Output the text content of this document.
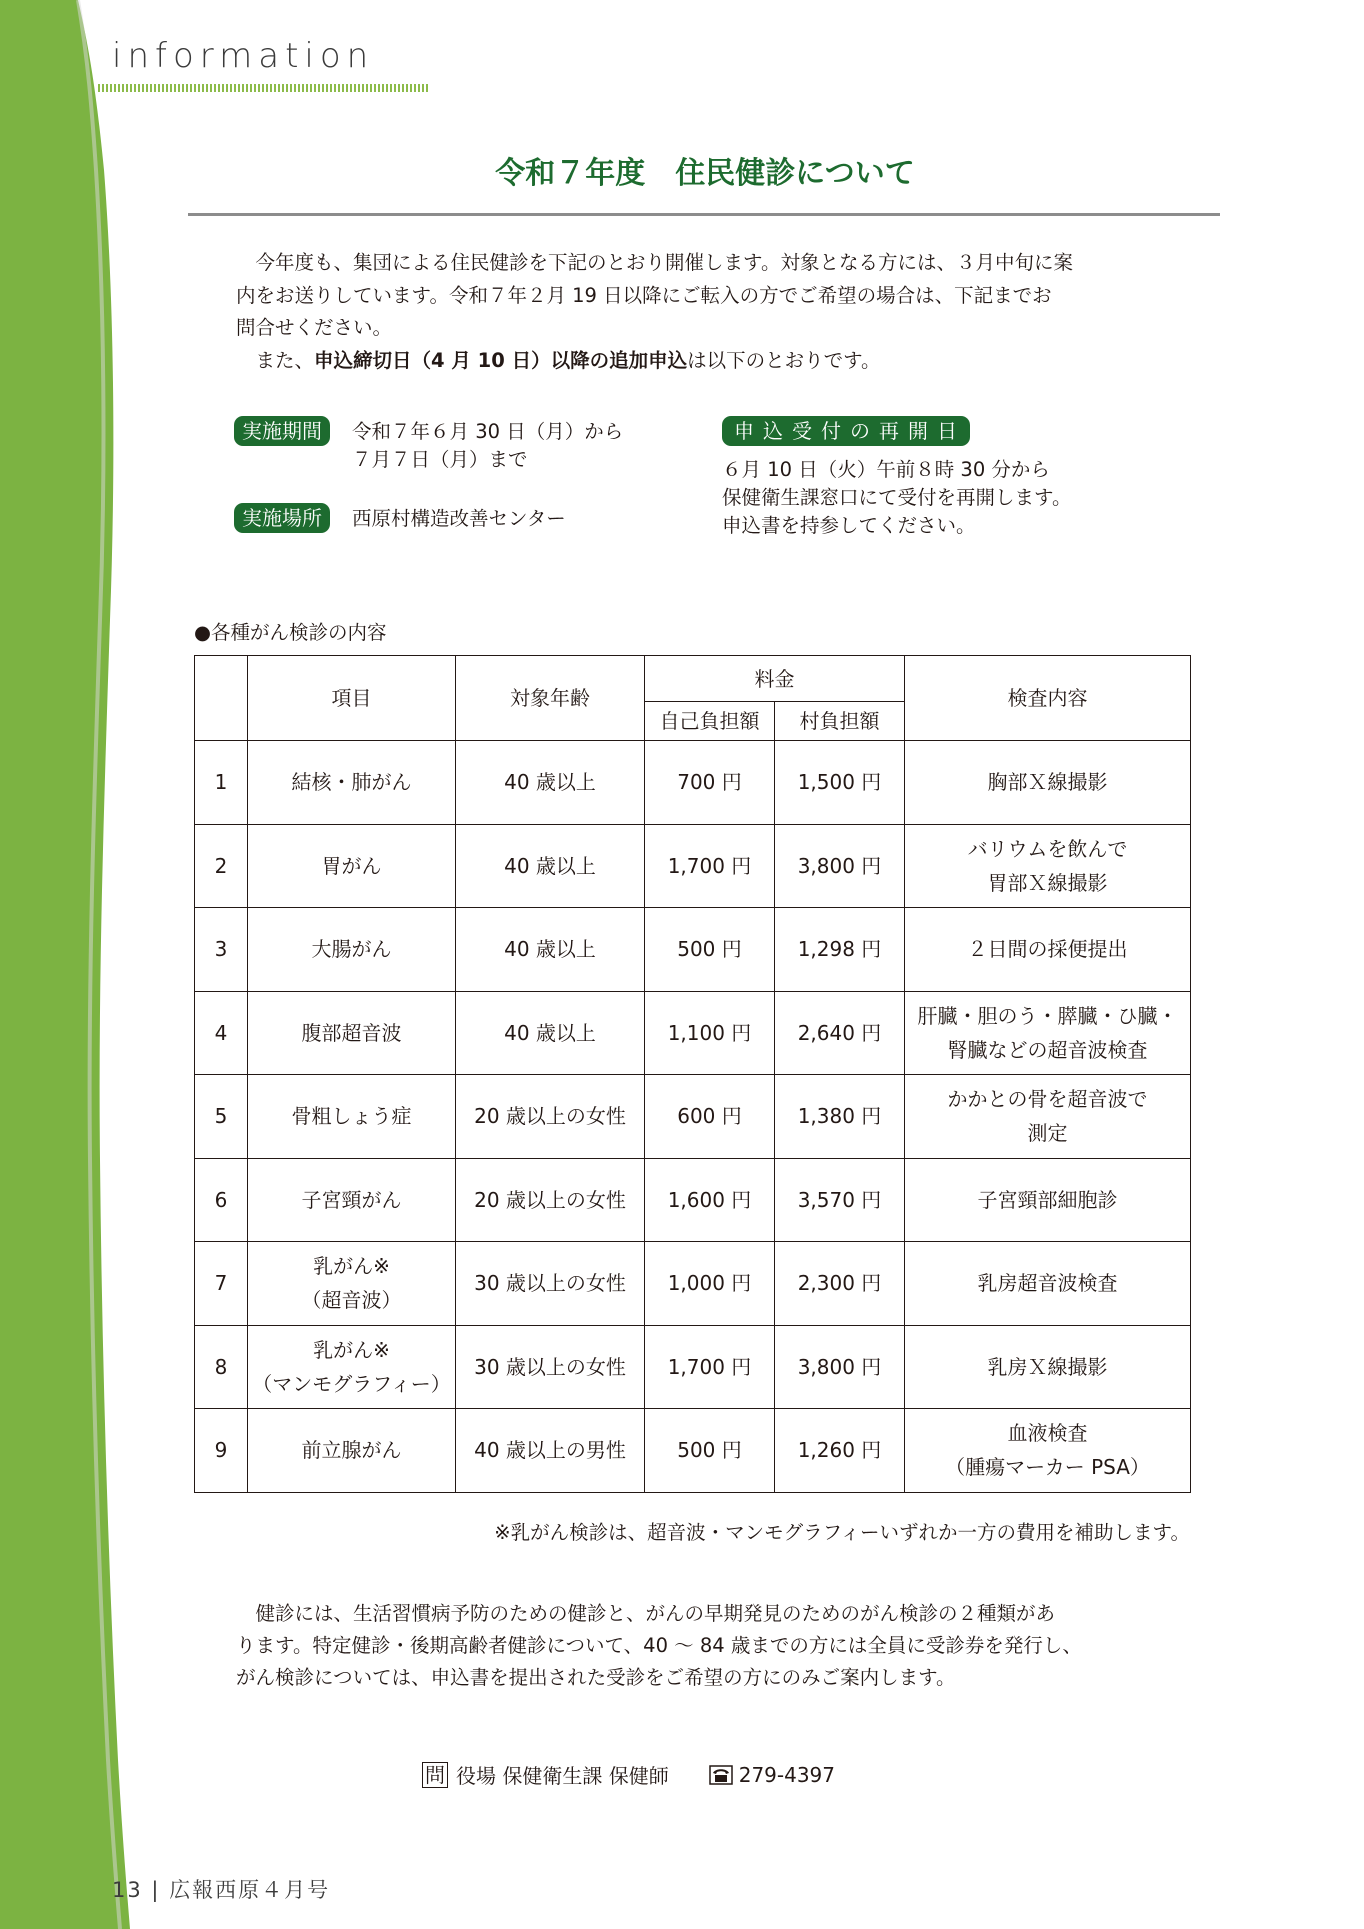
information
令和７年度　住民健診について

今年度も、集団による住民健診を下記のとおり開催します。対象となる方には、３月中旬に案

内をお送りしています。令和７年２月 19 日以降にご転入の方でご希望の場合は、下記までお

問合せください。

また、申込締切日（4 月 10 日）以降の追加申込は以下のとおりです。

実施期間 令和７年６月 30 日（月）から
７月７日（月）まで
実施場所 西原村構造改善センター
申込受付の再開日
６月 10 日（火）午前８時 30 分から
保健衛生課窓口にて受付を再開します。
申込書を持参してください。
●各種がん検診の内容
	項目	対象年齢	料金		検査内容
			自己負担額	村負担額	

1	結核・肺がん	40 歳以上	700 円	1,500 円	胸部Ｘ線撮影

2	胃がん	40 歳以上	1,700 円	3,800 円	バリウムを飲んで
胃部Ｘ線撮影

3	大腸がん	40 歳以上	500 円	1,298 円	２日間の採便提出

4	腹部超音波	40 歳以上	1,100 円	2,640 円	肝臓・胆のう・膵臓・ひ臓・
腎臓などの超音波検査

5	骨粗しょう症	20 歳以上の女性	600 円	1,380 円	かかとの骨を超音波で
測定

6	子宮頸がん	20 歳以上の女性	1,600 円	3,570 円	子宮頸部細胞診

7	乳がん※
（超音波）	30 歳以上の女性	1,000 円	2,300 円	乳房超音波検査

8	乳がん※
（マンモグラフィー）	30 歳以上の女性	1,700 円	3,800 円	乳房Ｘ線撮影

9	前立腺がん	40 歳以上の男性	500 円	1,260 円	血液検査
（腫瘍マーカー PSA）
※乳がん検診は、超音波・マンモグラフィーいずれか一方の費用を補助します。

健診には、生活習慣病予防のための健診と、がんの早期発見のためのがん検診の２種類があ

ります。特定健診・後期高齢者健診について、40 ～ 84 歳までの方には全員に受診券を発行し、

がん検診については、申込書を提出された受診をご希望の方にのみご案内します。

問 役場 保健衛生課 保健師	279-4397
13 | 広報西原４月号
